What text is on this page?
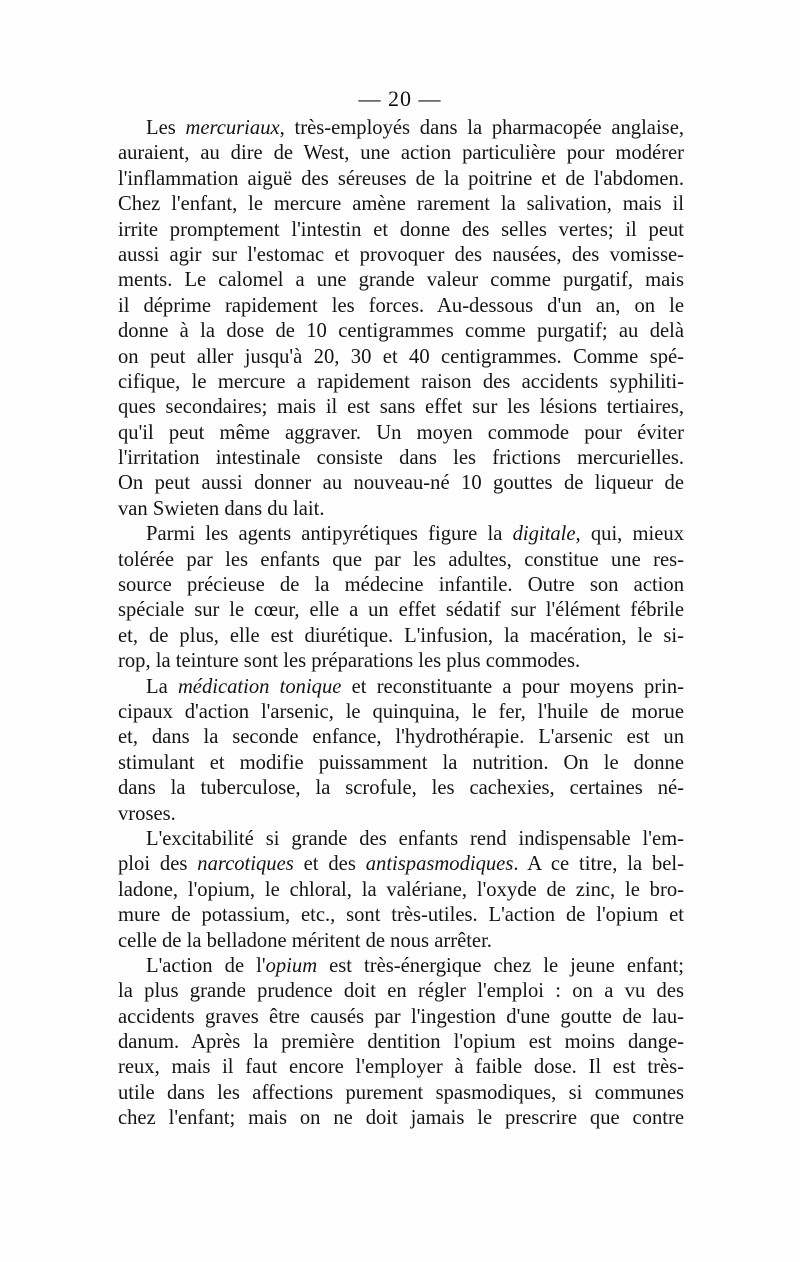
— 20 —
Les mercuriaux, très-employés dans la pharmacopée anglaise,
auraient, au dire de West, une action particulière pour modérer
l'inflammation aiguë des séreuses de la poitrine et de l'abdomen.
Chez l'enfant, le mercure amène rarement la salivation, mais il
irrite promptement l'intestin et donne des selles vertes; il peut
aussi agir sur l'estomac et provoquer des nausées, des vomisse-
ments. Le calomel a une grande valeur comme purgatif, mais
il déprime rapidement les forces. Au-dessous d'un an, on le
donne à la dose de 10 centigrammes comme purgatif; au delà
on peut aller jusqu'à 20, 30 et 40 centigrammes. Comme spé-
cifique, le mercure a rapidement raison des accidents syphiliti-
ques secondaires; mais il est sans effet sur les lésions tertiaires,
qu'il peut même aggraver. Un moyen commode pour éviter
l'irritation intestinale consiste dans les frictions mercurielles.
On peut aussi donner au nouveau-né 10 gouttes de liqueur de
van Swieten dans du lait.
Parmi les agents antipyrétiques figure la digitale, qui, mieux
tolérée par les enfants que par les adultes, constitue une res-
source précieuse de la médecine infantile. Outre son action
spéciale sur le cœur, elle a un effet sédatif sur l'élément fébrile
et, de plus, elle est diurétique. L'infusion, la macération, le si-
rop, la teinture sont les préparations les plus commodes.
La médication tonique et reconstituante a pour moyens prin-
cipaux d'action l'arsenic, le quinquina, le fer, l'huile de morue
et, dans la seconde enfance, l'hydrothérapie. L'arsenic est un
stimulant et modifie puissamment la nutrition. On le donne
dans la tuberculose, la scrofule, les cachexies, certaines né-
vroses.
L'excitabilité si grande des enfants rend indispensable l'em-
ploi des narcotiques et des antispasmodiques. A ce titre, la bel-
ladone, l'opium, le chloral, la valériane, l'oxyde de zinc, le bro-
mure de potassium, etc., sont très-utiles. L'action de l'opium et
celle de la belladone méritent de nous arrêter.
L'action de l'opium est très-énergique chez le jeune enfant;
la plus grande prudence doit en régler l'emploi : on a vu des
accidents graves être causés par l'ingestion d'une goutte de lau-
danum. Après la première dentition l'opium est moins dange-
reux, mais il faut encore l'employer à faible dose. Il est très-
utile dans les affections purement spasmodiques, si communes
chez l'enfant; mais on ne doit jamais le prescrire que contre
